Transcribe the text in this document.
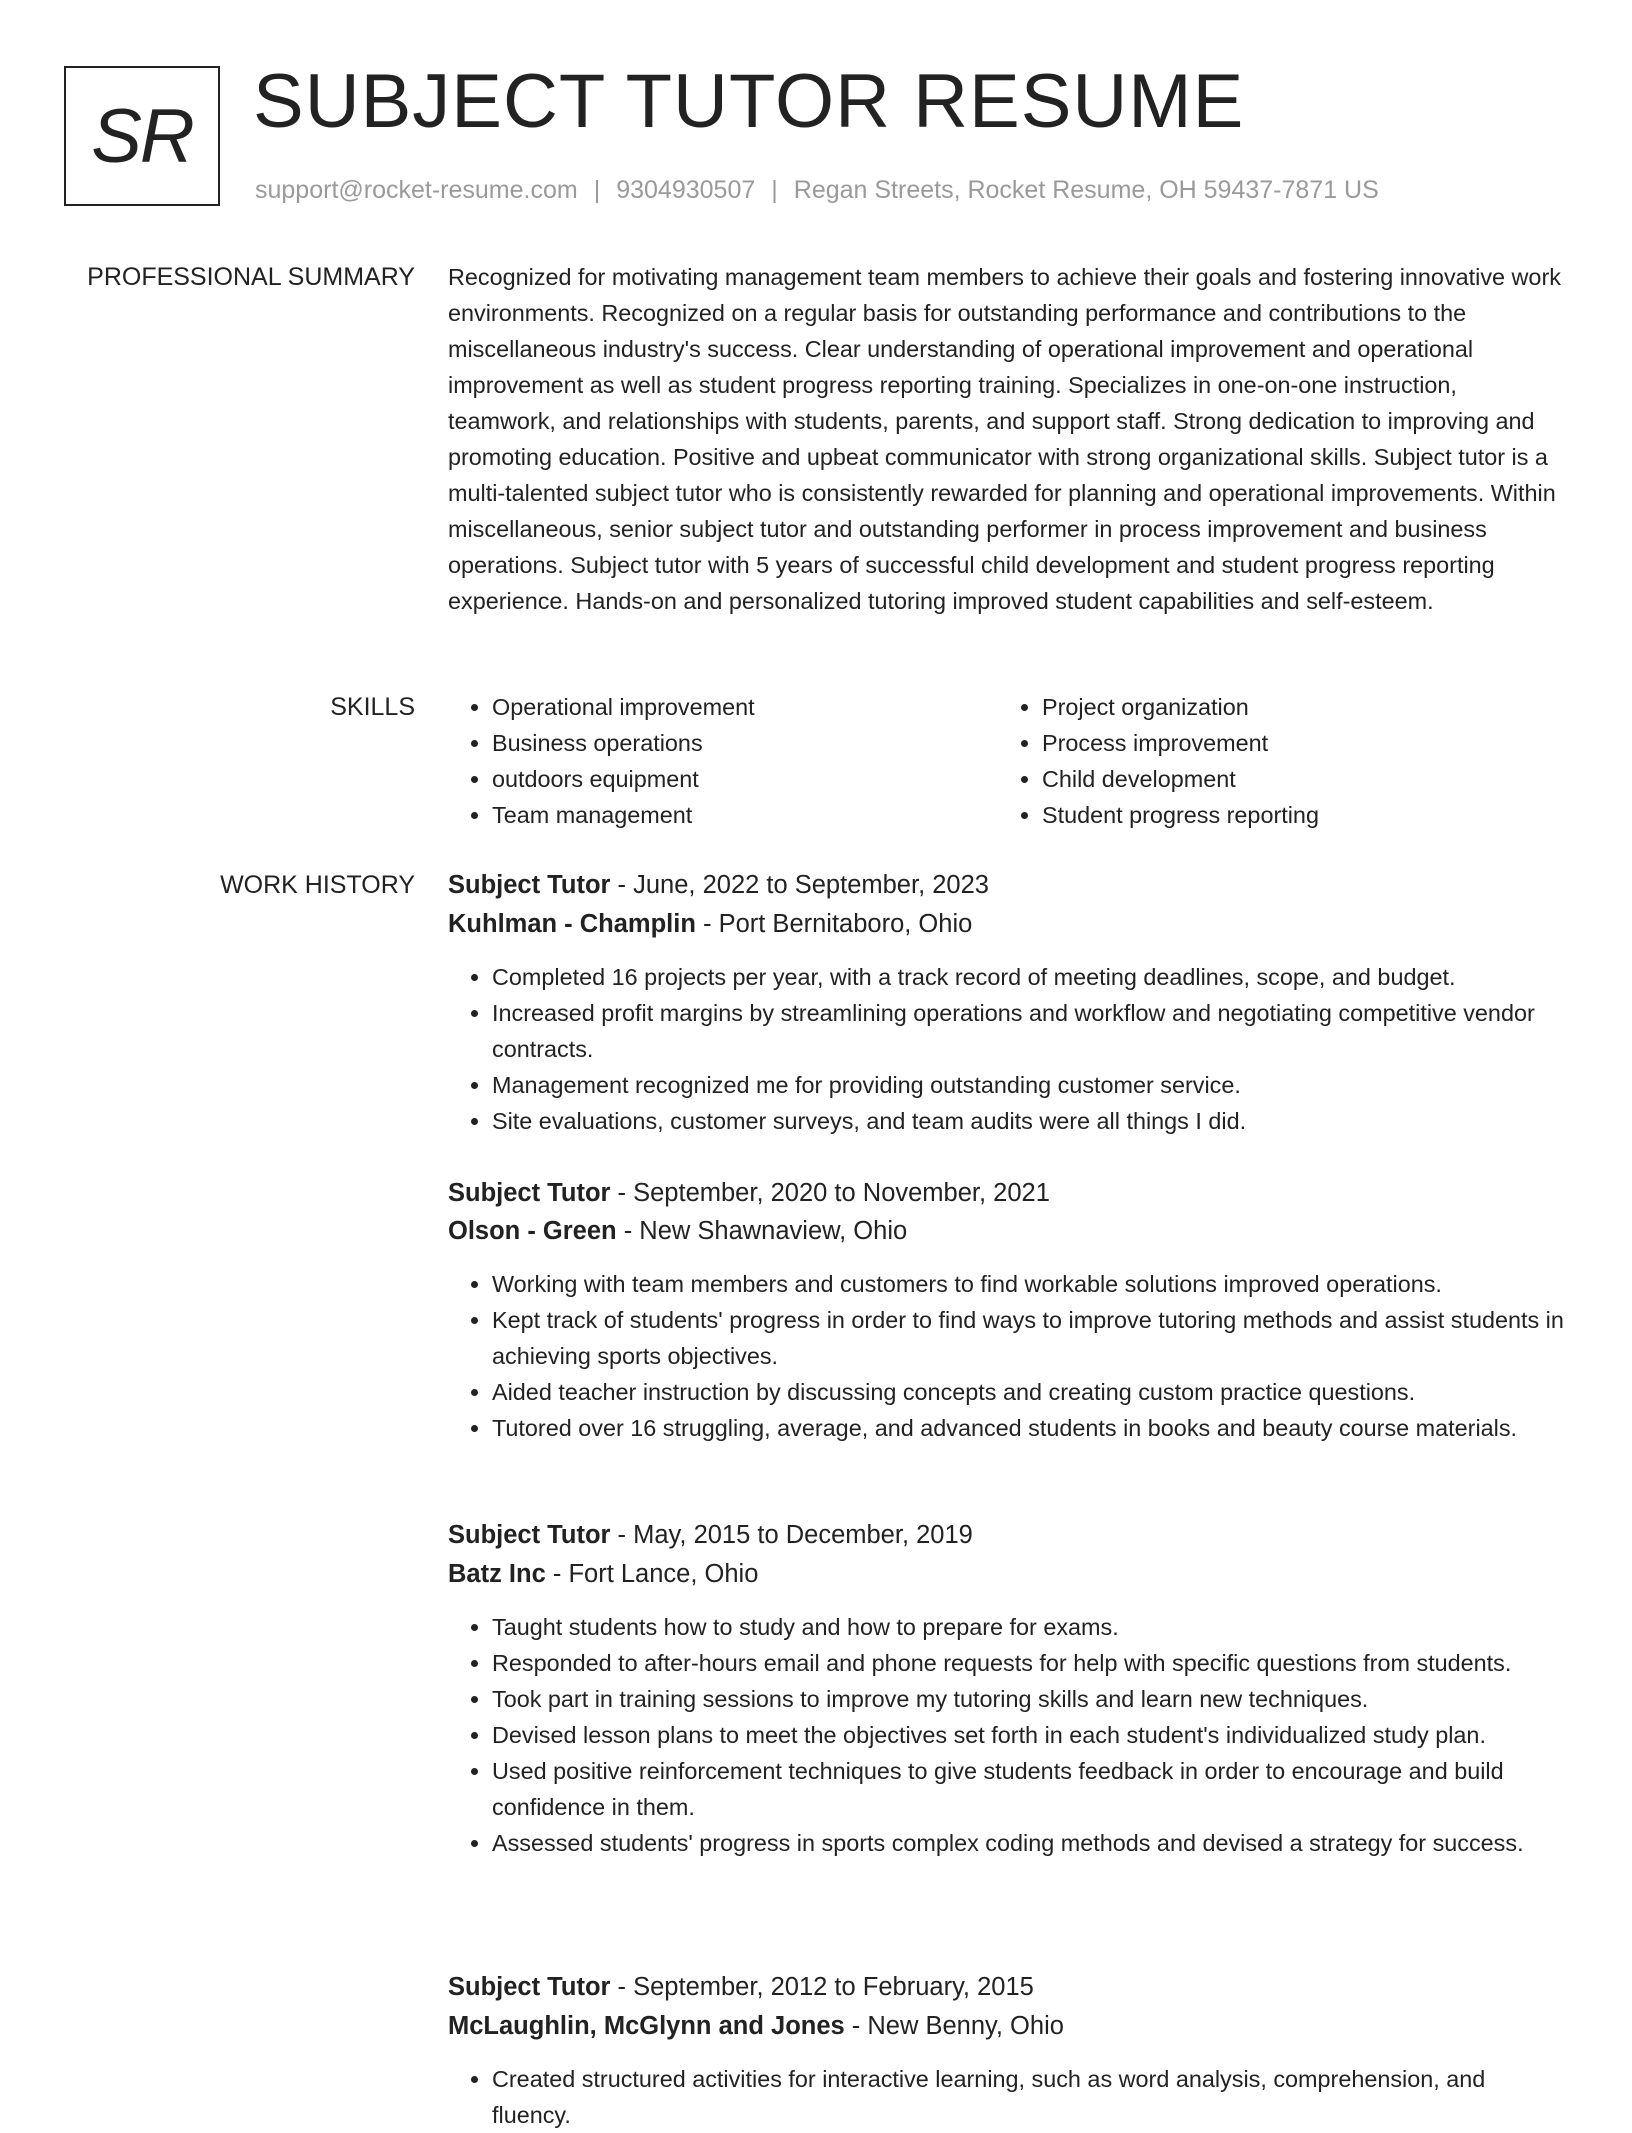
SR SUBJECT TUTOR RESUME
support@rocket-resume.com | 9304930507 | Regan Streets, Rocket Resume, OH 59437-7871 US
PROFESSIONAL SUMMARY Recognized for motivating management team members to achieve their goals and fostering innovative work environments. Recognized on a regular basis for outstanding performance and contributions to the miscellaneous industry's success. Clear understanding of operational improvement and operational improvement as well as student progress reporting training. Specializes in one-on-one instruction, teamwork, and relationships with students, parents, and support staff. Strong dedication to improving and promoting education. Positive and upbeat communicator with strong organizational skills. Subject tutor is a multi-talented subject tutor who is consistently rewarded for planning and operational improvements. Within miscellaneous, senior subject tutor and outstanding performer in process improvement and business operations. Subject tutor with 5 years of successful child development and student progress reporting experience. Hands-on and personalized tutoring improved student capabilities and self-esteem.

SKILLS
•	Operational improvement
• Business operations
• outdoors equipment
• Team management
• Project organization
• Process improvement
• Child development
• Student progress reporting
WORK HISTORY Subject Tutor - June, 2022 to September, 2023
Kuhlman - Champlin - Port Bernitaboro, Ohio
• Completed 16 projects per year, with a track record of meeting deadlines, scope, and budget.
• Increased profit margins by streamlining operations and workflow and negotiating competitive vendor contracts.
• Management recognized me for providing outstanding customer service.
• Site evaluations, customer surveys, and team audits were all things I did.
Subject Tutor - September, 2020 to November, 2021
Olson - Green - New Shawnaview, Ohio
• Working with team members and customers to find workable solutions improved operations.
• Kept track of students' progress in order to find ways to improve tutoring methods and assist students in achieving sports objectives.
• Aided teacher instruction by discussing concepts and creating custom practice questions.
• Tutored over 16 struggling, average, and advanced students in books and beauty course materials.
Subject Tutor - May, 2015 to December, 2019
Batz Inc - Fort Lance, Ohio
• Taught students how to study and how to prepare for exams.
• Responded to after-hours email and phone requests for help with specific questions from students.
• Took part in training sessions to improve my tutoring skills and learn new techniques.
• Devised lesson plans to meet the objectives set forth in each student's individualized study plan.
• Used positive reinforcement techniques to give students feedback in order to encourage and build confidence in them.
• Assessed students' progress in sports complex coding methods and devised a strategy for success.
Subject Tutor - September, 2012 to February, 2015
McLaughlin, McGlynn and Jones - New Benny, Ohio
• Created structured activities for interactive learning, such as word analysis, comprehension, and fluency.
